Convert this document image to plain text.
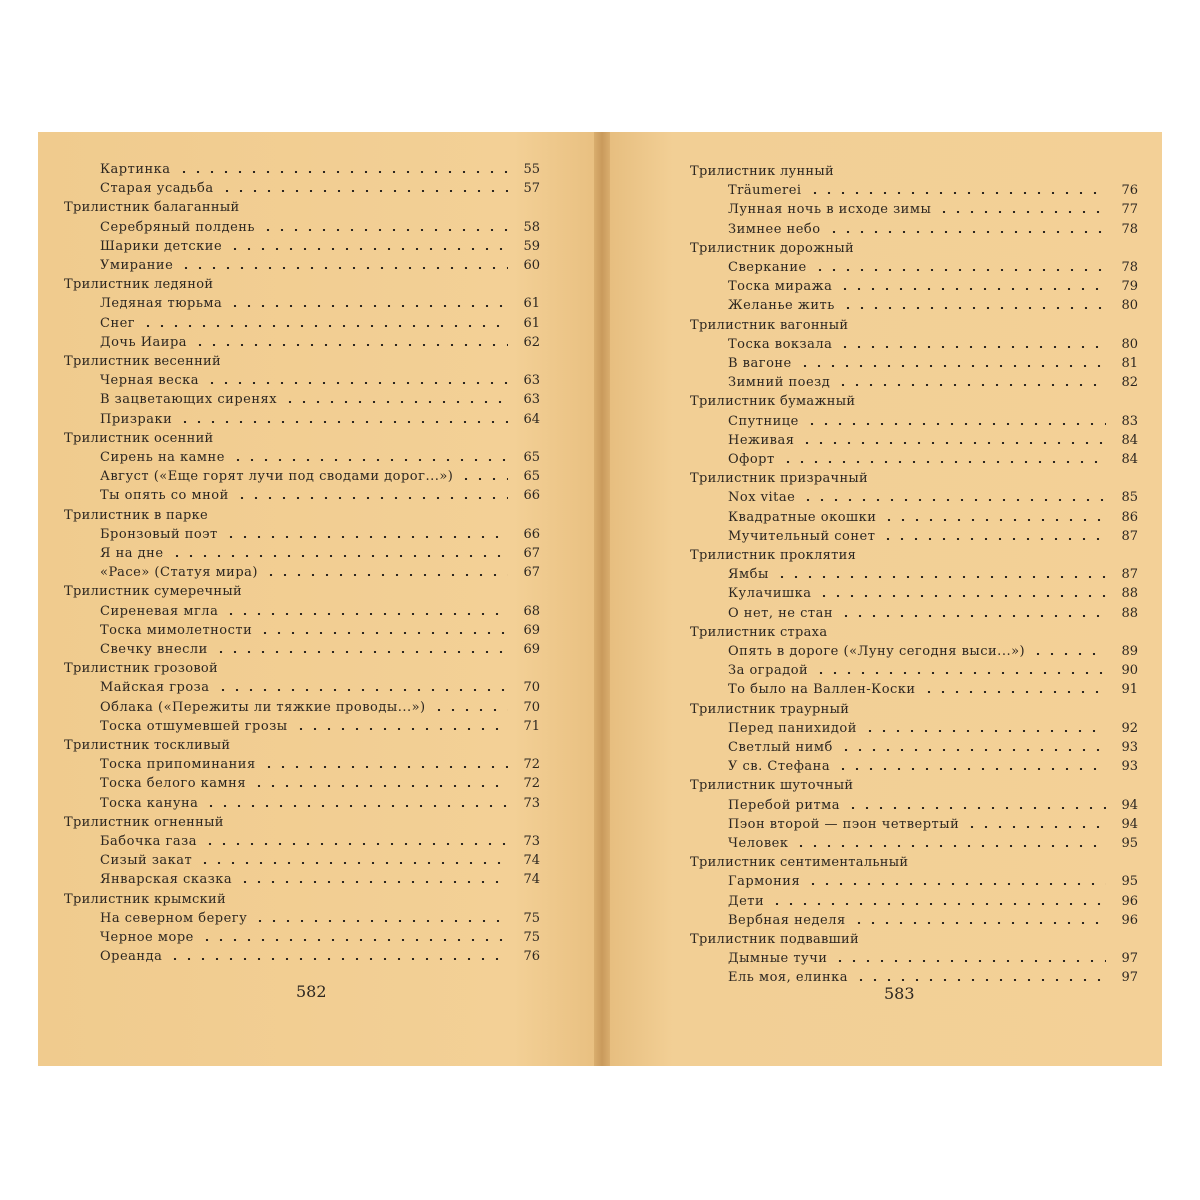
Картинка	55
Старая усадьба	57
Трилистник балаганный
Серебряный полдень	58
Шарики детские	59
Умирание	60
Трилистник ледяной
Ледяная тюрьма	61
Снег	61
Дочь Иаира	62
Трилистник весенний
Черная веска	63
В зацветающих сиренях	63
Призраки	64
Трилистник осенний
Сирень на камне	65
Август («Еще горят лучи под сводами дорог...»)	65
Ты опять со мной	66
Трилистник в парке
Бронзовый поэт	66
Я на дне	67
«Pace» (Статуя мира)	67
Трилистник сумеречный
Сиреневая мгла	68
Тоска мимолетности	69
Свечку внесли	69
Трилистник грозовой
Майская гроза	70
Облака («Пережиты ли тяжкие проводы...»)	70
Тоска отшумевшей грозы	71
Трилистник тоскливый
Тоска припоминания	72
Тоска белого камня	72
Тоска кануна	73
Трилистник огненный
Бабочка газа	73
Сизый закат	74
Январская сказка	74
Трилистник крымский
На северном берегу	75
Черное море	75
Ореанда	76
582
Трилистник лунный
Träumerei	76
Лунная ночь в исходе зимы	77
Зимнее небо	78
Трилистник дорожный
Сверкание	78
Тоска миража	79
Желанье жить	80
Трилистник вагонный
Тоска вокзала	80
В вагоне	81
Зимний поезд	82
Трилистник бумажный
Спутнице	83
Неживая	84
Офорт	84
Трилистник призрачный
Nox vitae	85
Квадратные окошки	86
Мучительный сонет	87
Трилистник проклятия
Ямбы	87
Кулачишка	88
О нет, не стан	88
Трилистник страха
Опять в дороге («Луну сегодня выси...»)	89
За оградой	90
То было на Валлен-Коски	91
Трилистник траурный
Перед панихидой	92
Светлый нимб	93
У св. Стефана	93
Трилистник шуточный
Перебой ритма	94
Пэон второй — пэон четвертый	94
Человек	95
Трилистник сентиментальный
Гармония	95
Дети	96
Вербная неделя	96
Трилистник подвавший
Дымные тучи	97
Ель моя, елинка	97
583
